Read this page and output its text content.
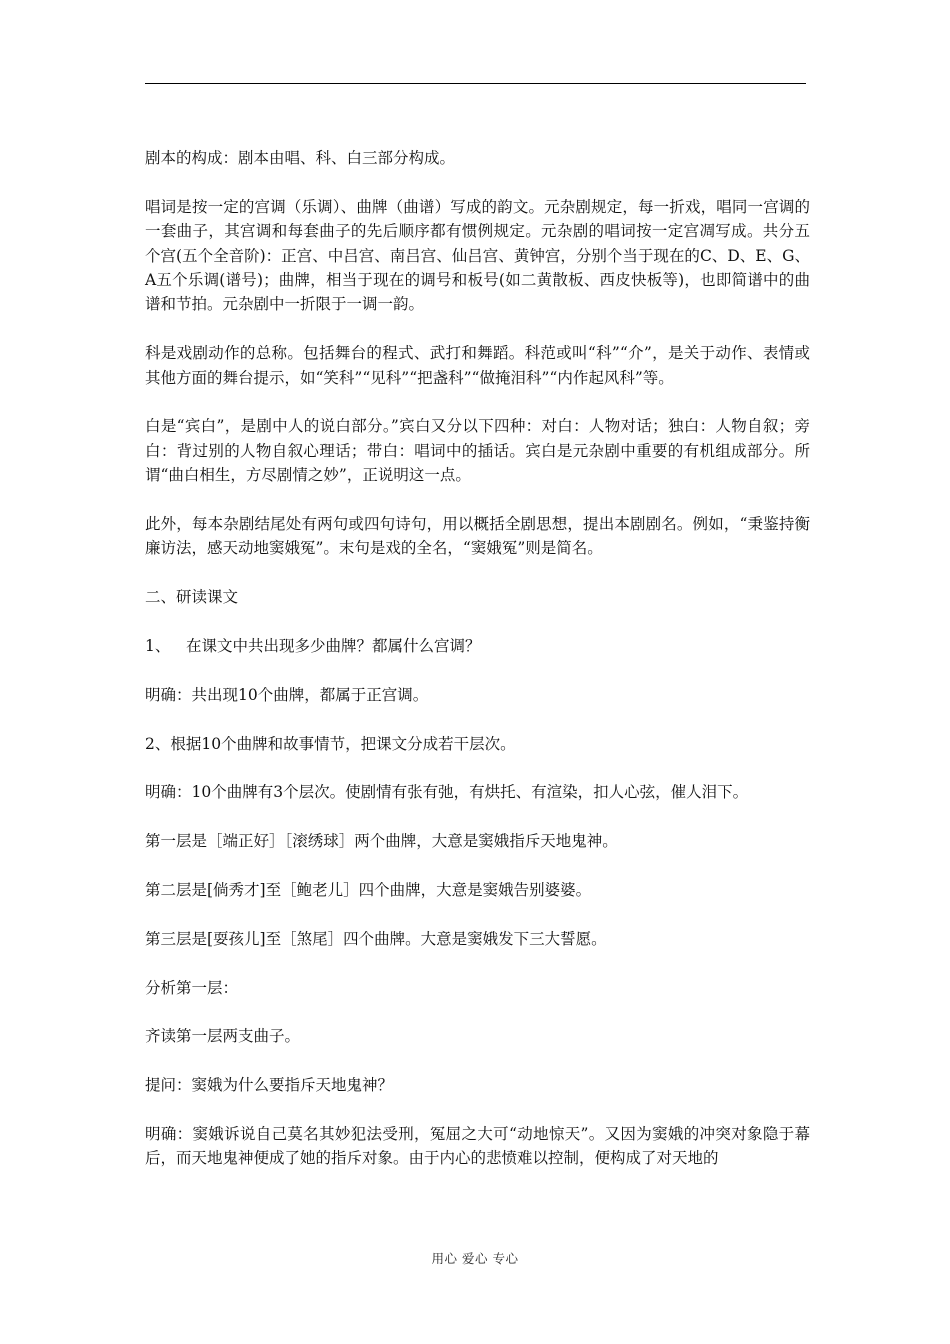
剧本的构成：剧本由唱、科、白三部分构成。

唱词是按一定的宫调（乐调）、曲牌（曲谱）写成的韵文。元杂剧规定，每一折戏，唱同一宫调的一套曲子，其宫调和每套曲子的先后顺序都有惯例规定。元杂剧的唱词按一定宫凋写成。共分五个宫(五个全音阶)：正宫、中吕宫、南吕宫、仙吕宫、黄钟宫，分别个当于现在的C、D、E、G、A五个乐调(谱号)；曲牌，相当于现在的调号和板号(如二黄散板、西皮快板等)，也即简谱中的曲谱和节拍。元杂剧中一折限于一调一韵。

科是戏剧动作的总称。包括舞台的程式、武打和舞蹈。科范或叫“科”“介”，是关于动作、表情或其他方面的舞台提示，如“笑科”“见科”“把盏科”“做掩泪科”“内作起风科”等。

白是“宾白”，是剧中人的说白部分。”宾白又分以下四种：对白：人物对话；独白：人物自叙；旁白：背过别的人物自叙心理话；带白：唱词中的插话。宾白是元杂剧中重要的有机组成部分。所谓“曲白相生，方尽剧情之妙”，正说明这一点。

此外，每本杂剧结尾处有两句或四句诗句，用以概括全剧思想，提出本剧剧名。例如，“秉鉴持衡廉访法，感天动地窦娥冤”。末句是戏的全名，“窦娥冤”则是简名。

二、研读课文

1、 在课文中共出现多少曲牌？都属什么宫调？

明确：共出现10个曲牌，都属于正宫调。

2、根据10个曲牌和故事情节，把课文分成若干层次。

明确：10个曲牌有3个层次。使剧情有张有弛，有烘托、有渲染，扣人心弦，催人泪下。

第一层是［端正好］［滚绣球］两个曲牌，大意是窦娥指斥天地鬼神。

第二层是[倘秀才]至［鲍老儿］四个曲牌，大意是窦娥告别婆婆。

第三层是[耍孩儿]至［煞尾］四个曲牌。大意是窦娥发下三大誓愿。

分析第一层：

齐读第一层两支曲子。

提问：窦娥为什么要指斥天地鬼神？

明确：窦娥诉说自己莫名其妙犯法受刑，冤屈之大可“动地惊天”。又因为窦娥的冲突对象隐于幕后，而天地鬼神便成了她的指斥对象。由于内心的悲愤难以控制，便构成了对天地的

用心 爱心 专心
